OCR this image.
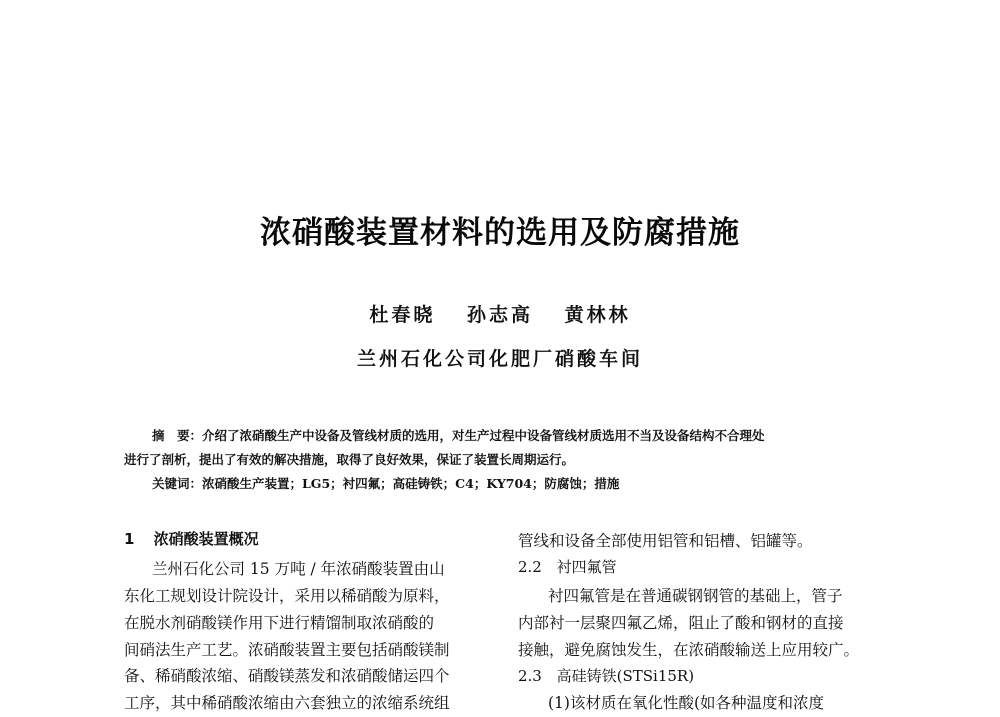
浓硝酸装置材料的选用及防腐措施
杜春晓 孙志高 黄林林
兰州石化公司化肥厂硝酸车间
摘　要：介绍了浓硝酸生产中设备及管线材质的选用，对生产过程中设备管线材质选用不当及设备结构不合理处
进行了剖析，提出了有效的解决措施，取得了良好效果，保证了装置长周期运行。
关键词：浓硝酸生产装置；LG5；衬四氟；高硅铸铁；C4；KY704；防腐蚀；措施
1 浓硝酸装置概况
兰州石化公司 15 万吨 / 年浓硝酸装置由山
东化工规划设计院设计，采用以稀硝酸为原料，
在脱水剂硝酸镁作用下进行精馏制取浓硝酸的
间硝法生产工艺。浓硝酸装置主要包括硝酸镁制
备、稀硝酸浓缩、硝酸镁蒸发和浓硝酸储运四个
工序，其中稀硝酸浓缩由六套独立的浓缩系统组
管线和设备全部使用铝管和铝槽、铝罐等。
2.2 衬四氟管
衬四氟管是在普通碳钢钢管的基础上，管子
内部衬一层聚四氟乙烯，阻止了酸和钢材的直接
接触，避免腐蚀发生，在浓硝酸输送上应用较广。
2.3 高硅铸铁(STSi15R)
(1)该材质在氧化性酸(如各种温度和浓度
